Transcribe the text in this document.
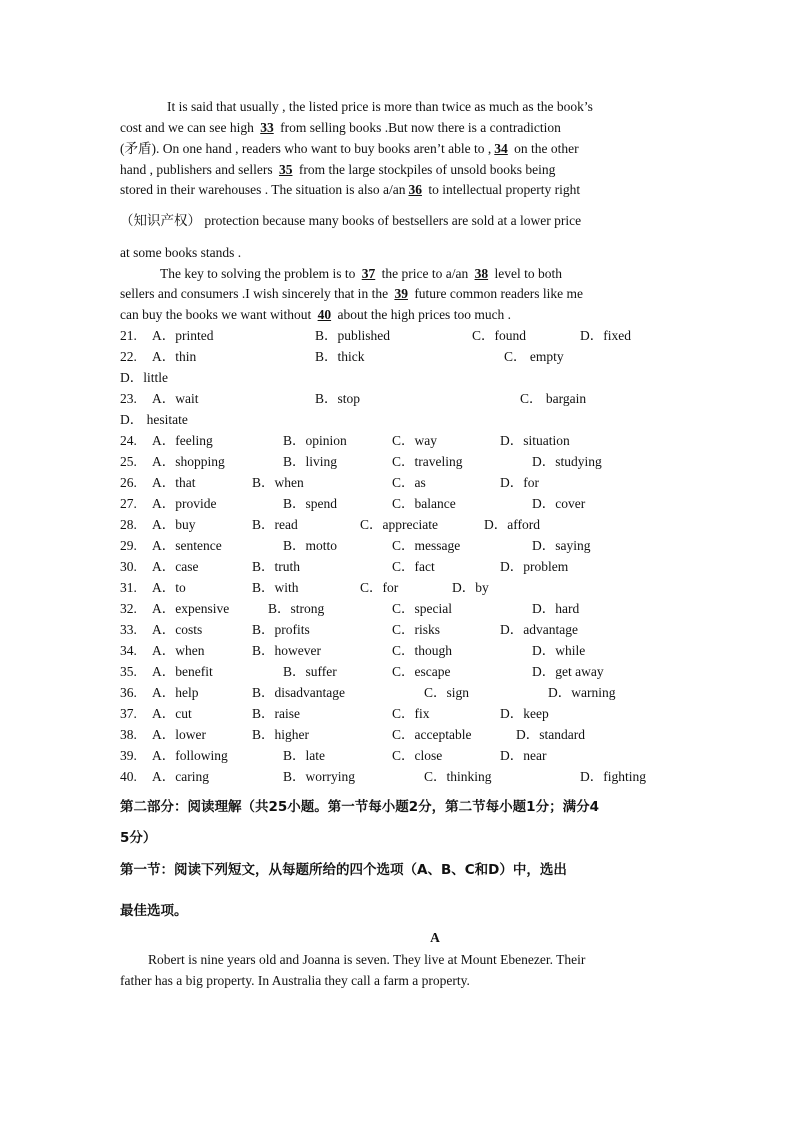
It is said that usually , the listed price is more than twice as much as the book’s
cost and we can see high 33 from selling books .But now there is a contradiction
(矛盾). On one hand , readers who want to buy books aren’t able to , 34 on the other
hand , publishers and sellers 35 from the large stockpiles of unsold books being
stored in their warehouses . The situation is also a/an 36 to intellectual property right
（知识产权） protection because many books of bestsellers are sold at a lower price
at some books stands .
The key to solving the problem is to 37 the price to a/an 38 level to both
sellers and consumers .I wish sincerely that in the 39 future common readers like me
can buy the books we want without 40 about the high prices too much .
21. A．printed	B．published	C．found	D．fixed
22. A．thin	B．thick	C． empty
D．little
23. A．wait	B．stop	C． bargain
D． hesitate
24. A．feeling	B．opinion	C．way	D．situation
25. A．shopping	B．living	C．traveling	D．studying
26. A．that	B．when	C．as	D．for
27. A．provide	B．spend	C．balance	D．cover
28. A．buy	B．read	C．appreciate	D．afford
29. A．sentence	B．motto	C．message	D．saying
30. A．case	B．truth	C．fact	D．problem
31. A．to	B．with	C．for	D．by
32. A．expensive	B．strong	C．special	D．hard
33. A．costs	B．profits	C．risks	D．advantage
34. A．when	B．however	C．though	D．while
35. A．benefit	B．suffer	C．escape	D．get away
36. A．help	B．disadvantage	C．sign	D．warning
37. A．cut	B．raise	C．fix	D．keep
38. A．lower	B．higher	C．acceptable	D．standard
39. A．following	B．late	C．close	D．near
40. A．caring	B．worrying	C．thinking	D．fighting
第二部分：阅读理解（共25小题。第一节每小题2分，第二节每小题1分；满分4
5分）
第一节：阅读下列短文，从每题所给的四个选项（A、B、C和D）中，选出
最佳选项。
A
Robert is nine years old and Joanna is seven. They live at Mount Ebenezer. Their
father has a big property. In Australia they call a farm a property.
